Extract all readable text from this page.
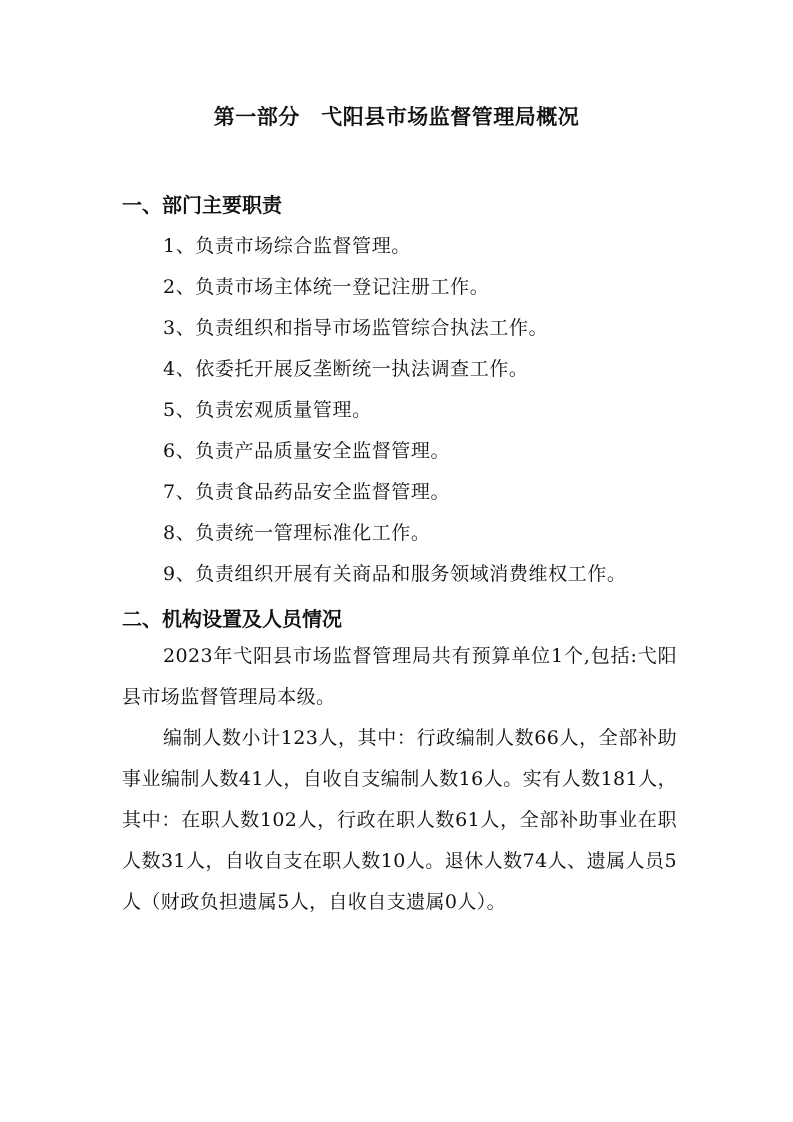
第一部分　弋阳县市场监督管理局概况
一、部门主要职责
1、负责市场综合监督管理。
2、负责市场主体统一登记注册工作。
3、负责组织和指导市场监管综合执法工作。
4、依委托开展反垄断统一执法调查工作。
5、负责宏观质量管理。
6、负责产品质量安全监督管理。
7、负责食品药品安全监督管理。
8、负责统一管理标准化工作。
9、负责组织开展有关商品和服务领域消费维权工作。
二、机构设置及人员情况

2023年弋阳县市场监督管理局共有预算单位1个,包括:弋阳县市场监督管理局本级。

编制人数小计123人，其中：行政编制人数66人，全部补助事业编制人数41人，自收自支编制人数16人。实有人数181人，其中：在职人数102人，行政在职人数61人，全部补助事业在职人数31人，自收自支在职人数10人。退休人数74人、遗属人员5人（财政负担遗属5人，自收自支遗属0人）。
